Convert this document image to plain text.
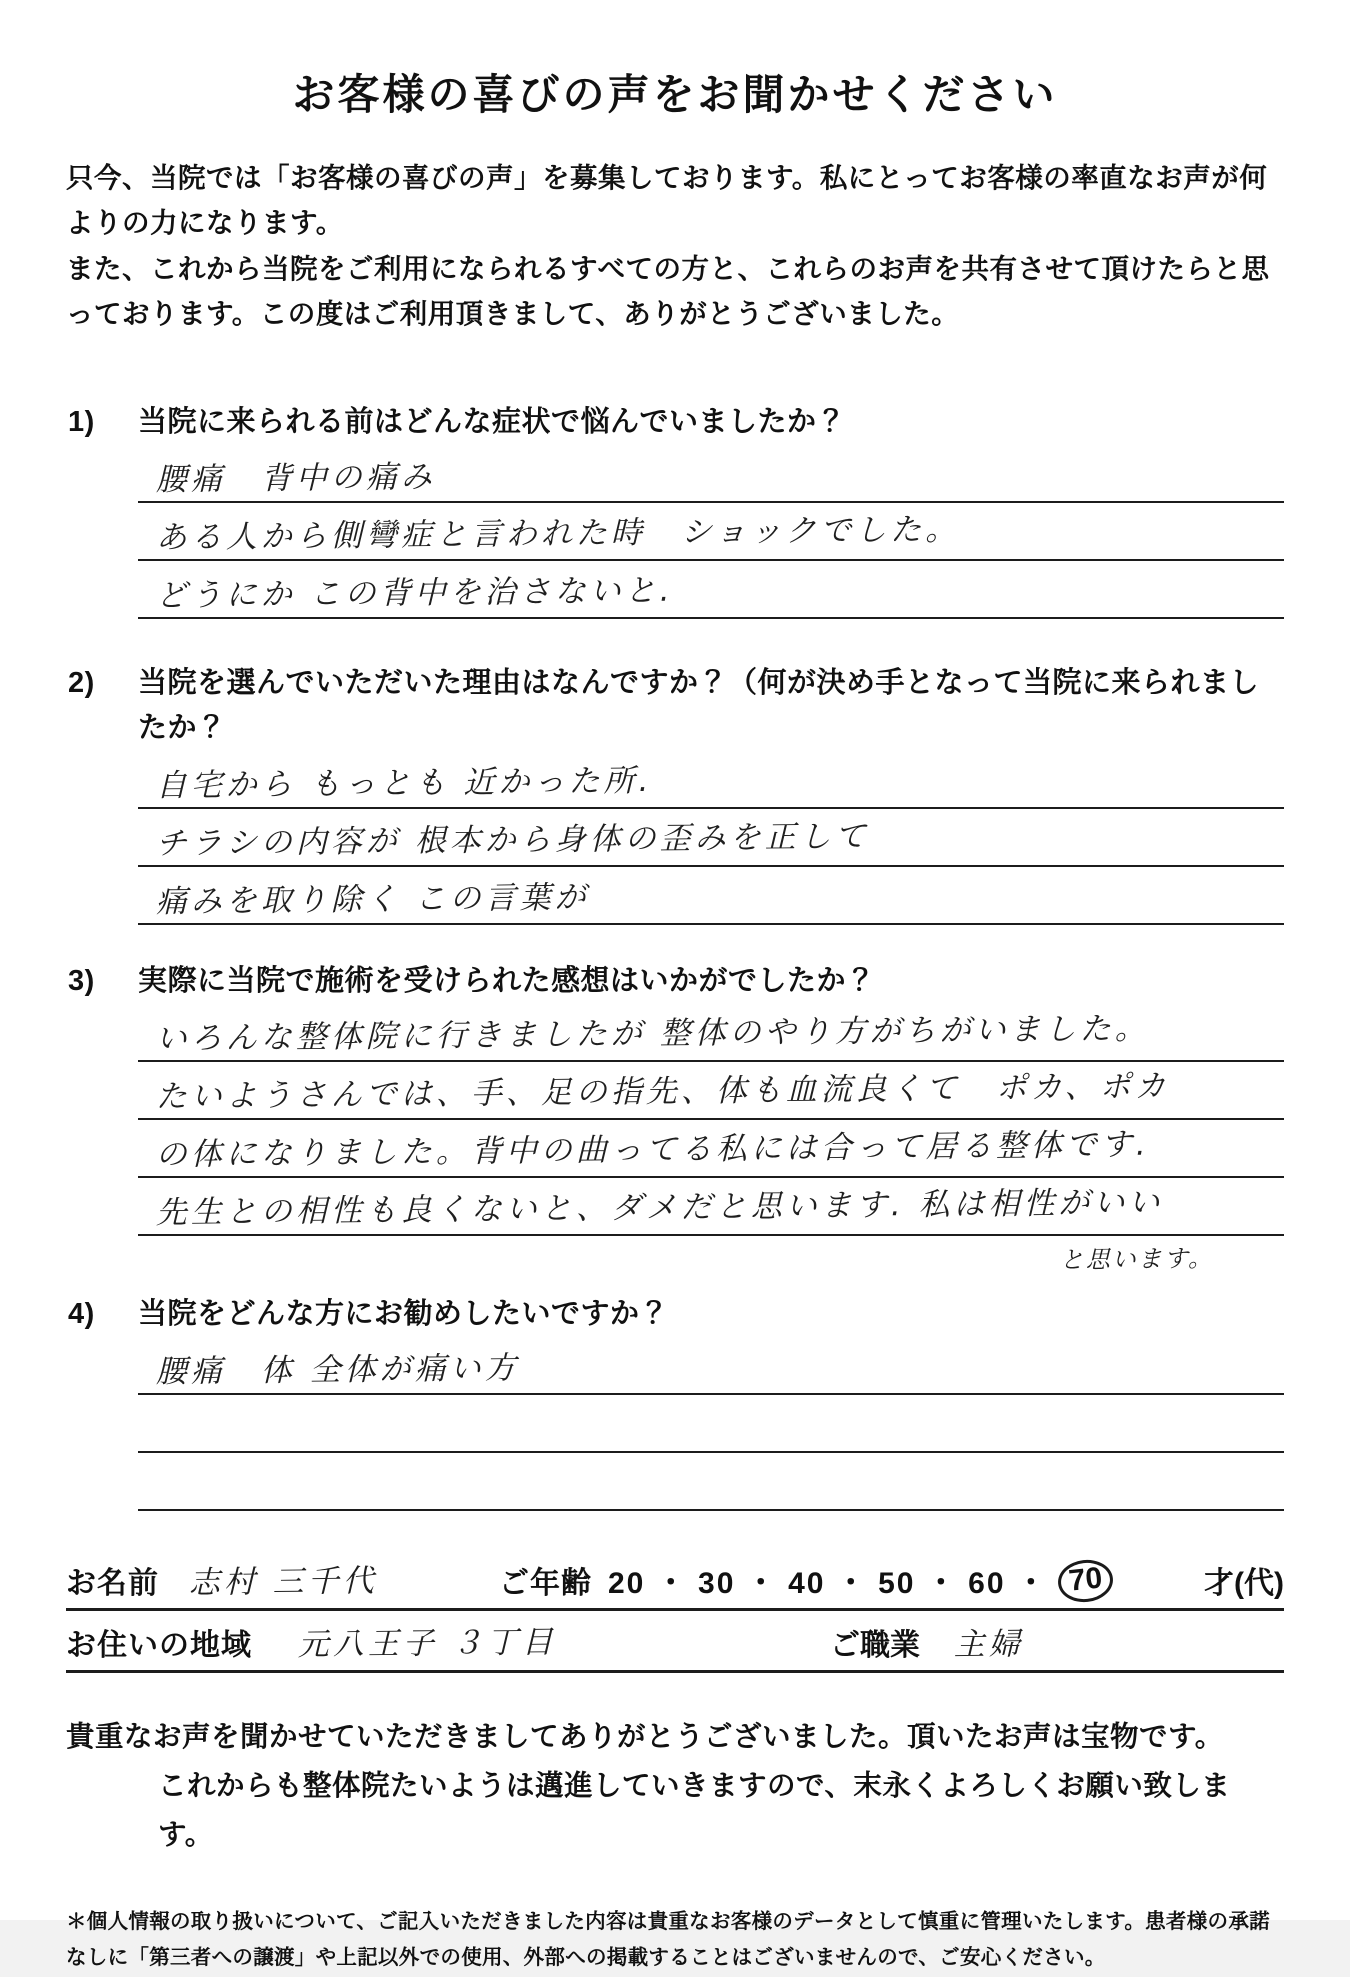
お客様の喜びの声をお聞かせください

只今、当院では「お客様の喜びの声」を募集しております。私にとってお客様の率直なお声が何よりの力になります。

また、これから当院をご利用になられるすべての方と、これらのお声を共有させて頂けたらと思っております。この度はご利用頂きまして、ありがとうございました。

1)	当院に来られる前はどんな症状で悩んでいましたか？
腰痛　背中の痛み
ある人から側彎症と言われた時　ショックでした。
どうにか この背中を治さないと.
2)	当院を選んでいただいた理由はなんですか？（何が決め手となって当院に来られましたか？
自宅から もっとも 近かった所.
チラシの内容が 根本から身体の歪みを正して
痛みを取り除く この言葉が
3)	実際に当院で施術を受けられた感想はいかがでしたか？
いろんな整体院に行きましたが 整体のやり方がちがいました。
たいようさんでは、手、足の指先、体も血流良くて　ポカ、ポカ
の体になりました。背中の曲ってる私には合って居る整体です.
先生との相性も良くないと、ダメだと思います. 私は相性がいい
と思います。
4)	当院をどんな方にお勧めしたいですか？
腰痛　体 全体が痛い方
お名前 志村 三千代	ご年齢 20 ・ 30 ・ 40 ・ 50 ・ 60 ・ 70	才(代)
お住いの地域 元八王子 ３丁目	ご職業 主婦

貴重なお声を聞かせていただきましてありがとうございました。頂いたお声は宝物です。

これからも整体院たいようは邁進していきますので、末永くよろしくお願い致します。

＊個人情報の取り扱いについて、ご記入いただきました内容は貴重なお客様のデータとして慎重に管理いたします。患者様の承諾なしに「第三者への譲渡」や上記以外での使用、外部への掲載することはございませんので、ご安心ください。
